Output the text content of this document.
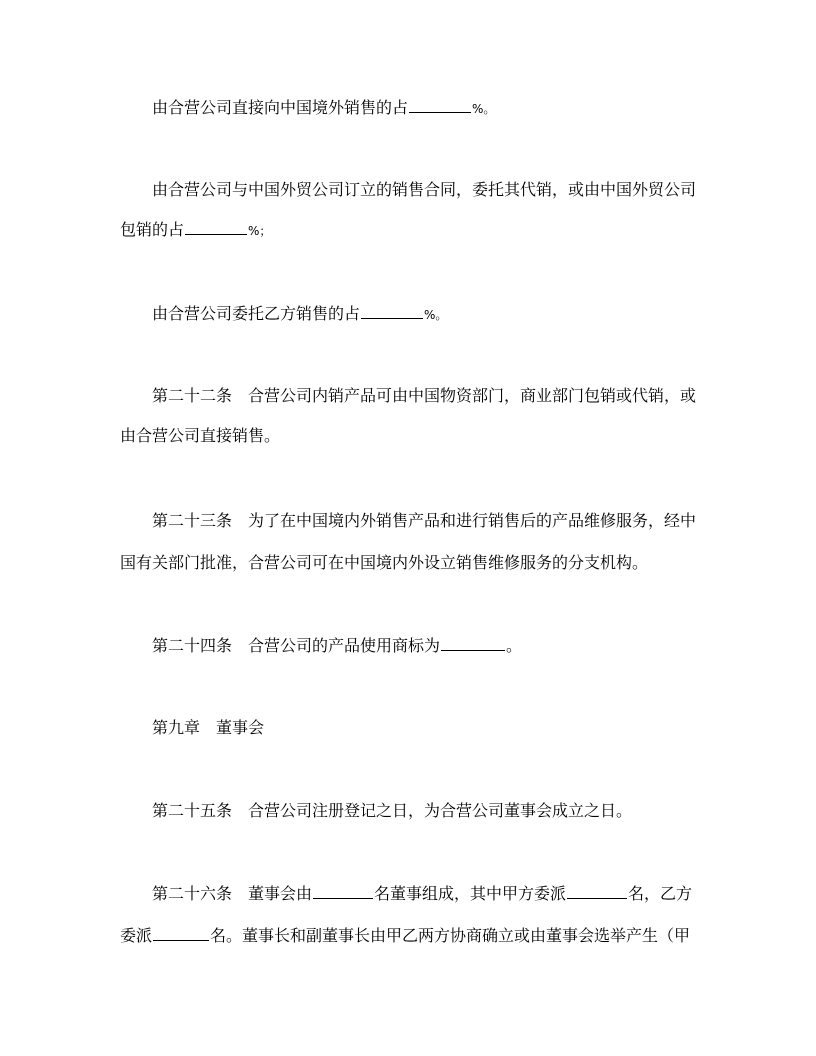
由合营公司直接向中国境外销售的占	%。
由合营公司与中国外贸公司订立的销售合同，委托其代销，或由中国外贸公司
包销的占	%；
由合营公司委托乙方销售的占	%。
第二十二条　合营公司内销产品可由中国物资部门，商业部门包销或代销，或
由合营公司直接销售。
第二十三条　为了在中国境内外销售产品和进行销售后的产品维修服务，经中
国有关部门批准，合营公司可在中国境内外设立销售维修服务的分支机构。
第二十四条　合营公司的产品使用商标为	。
第九章　董事会
第二十五条　合营公司注册登记之日，为合营公司董事会成立之日。
第二十六条　董事会由	名董事组成，其中甲方委派	名，乙方
委派	名。董事长和副董事长由甲乙两方协商确立或由董事会选举产生（甲
